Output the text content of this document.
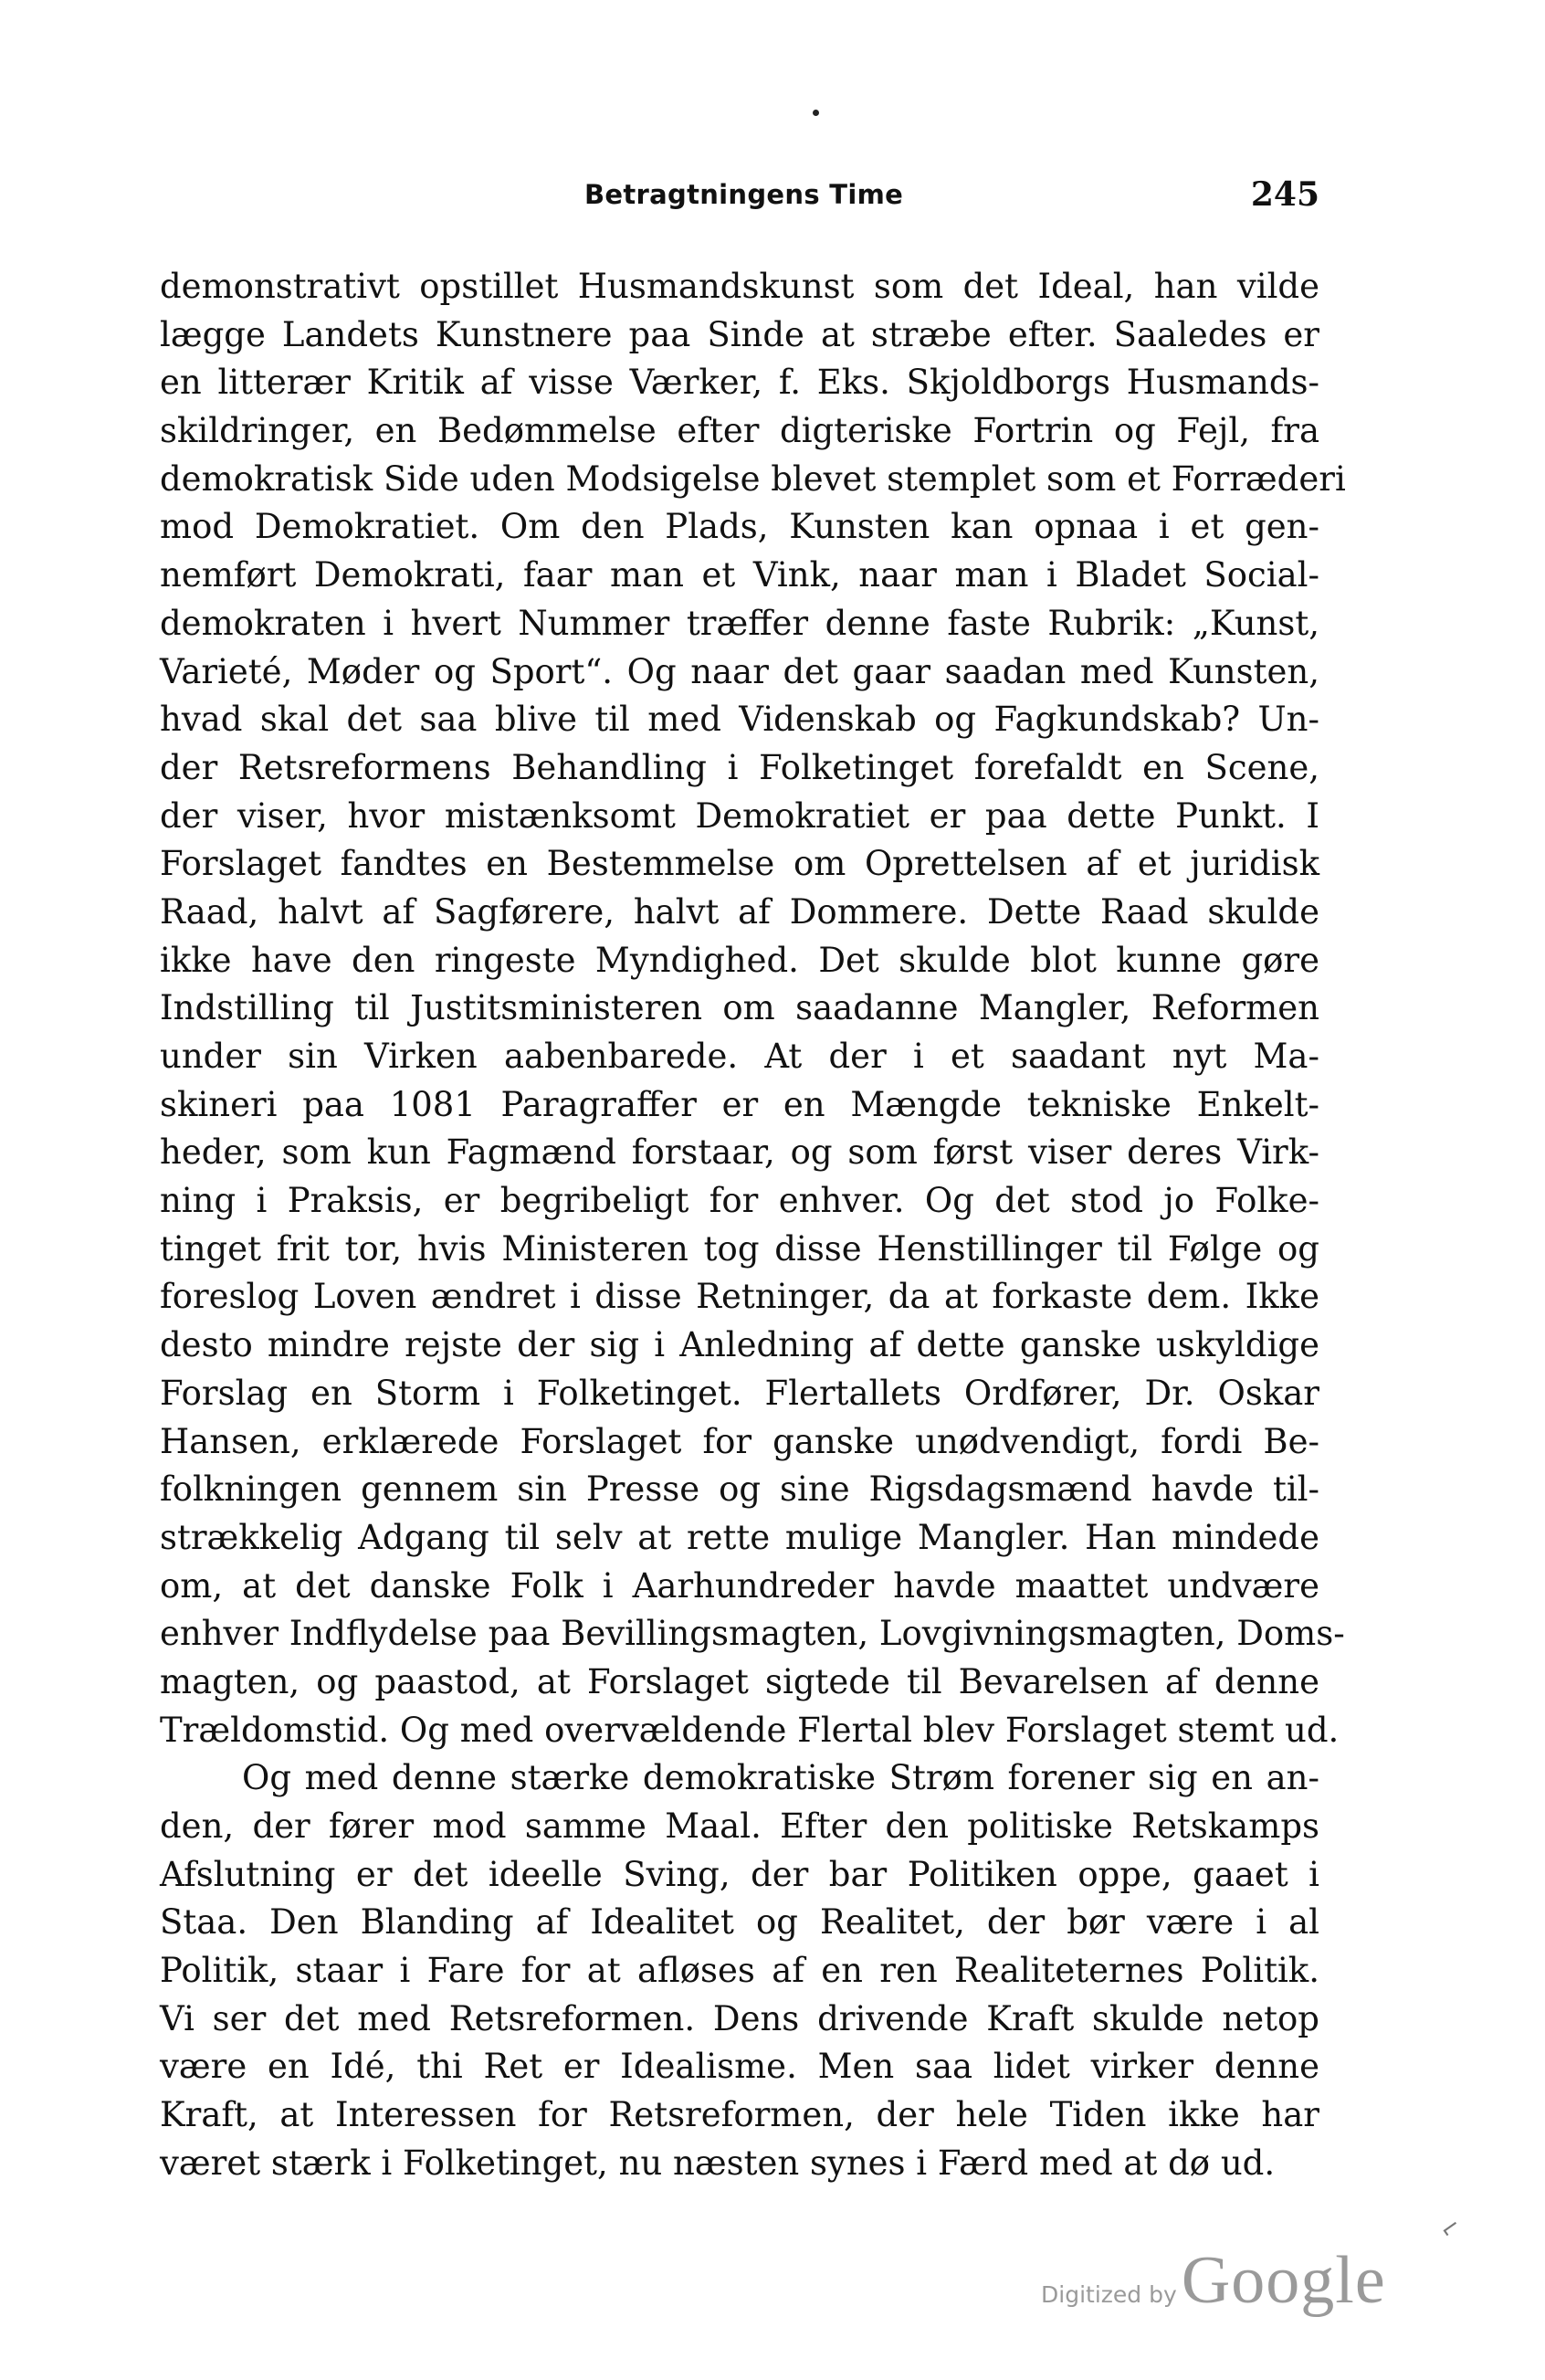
Betragtningens Time	245
demonstrativt opstillet Husmandskunst som det Ideal, han vilde
lægge Landets Kunstnere paa Sinde at stræbe efter. Saaledes er
en litterær Kritik af visse Værker, f. Eks. Skjoldborgs Husmands-
skildringer, en Bedømmelse efter digteriske Fortrin og Fejl, fra
demokratisk Side uden Modsigelse blevet stemplet som et Forræderi
mod Demokratiet. Om den Plads, Kunsten kan opnaa i et gen-
nemført Demokrati, faar man et Vink, naar man i Bladet Social-
demokraten i hvert Nummer træffer denne faste Rubrik: „Kunst,
Varieté, Møder og Sport“. Og naar det gaar saadan med Kunsten,
hvad skal det saa blive til med Videnskab og Fagkundskab? Un-
der Retsreformens Behandling i Folketinget forefaldt en Scene,
der viser, hvor mistænksomt Demokratiet er paa dette Punkt. I
Forslaget fandtes en Bestemmelse om Oprettelsen af et juridisk
Raad, halvt af Sagførere, halvt af Dommere. Dette Raad skulde
ikke have den ringeste Myndighed. Det skulde blot kunne gøre
Indstilling til Justitsministeren om saadanne Mangler, Reformen
under sin Virken aabenbarede. At der i et saadant nyt Ma-
skineri paa 1081 Paragraffer er en Mængde tekniske Enkelt-
heder, som kun Fagmænd forstaar, og som først viser deres Virk-
ning i Praksis, er begribeligt for enhver. Og det stod jo Folke-
tinget frit tor, hvis Ministeren tog disse Henstillinger til Følge og
foreslog Loven ændret i disse Retninger, da at forkaste dem. Ikke
desto mindre rejste der sig i Anledning af dette ganske uskyldige
Forslag en Storm i Folketinget. Flertallets Ordfører, Dr. Oskar
Hansen, erklærede Forslaget for ganske unødvendigt, fordi Be-
folkningen gennem sin Presse og sine Rigsdagsmænd havde til-
strækkelig Adgang til selv at rette mulige Mangler. Han mindede
om, at det danske Folk i Aarhundreder havde maattet undvære
enhver Indflydelse paa Bevillingsmagten, Lovgivningsmagten, Doms-
magten, og paastod, at Forslaget sigtede til Bevarelsen af denne
Trældomstid. Og med overvældende Flertal blev Forslaget stemt ud.
Og med denne stærke demokratiske Strøm forener sig en an-
den, der fører mod samme Maal. Efter den politiske Retskamps
Afslutning er det ideelle Sving, der bar Politiken oppe, gaaet i
Staa. Den Blanding af Idealitet og Realitet, der bør være i al
Politik, staar i Fare for at afløses af en ren Realiteternes Politik.
Vi ser det med Retsreformen. Dens drivende Kraft skulde netop
være en Idé, thi Ret er Idealisme. Men saa lidet virker denne
Kraft, at Interessen for Retsreformen, der hele Tiden ikke har
været stærk i Folketinget, nu næsten synes i Færd med at dø ud.
⌐
Digitized by Google
